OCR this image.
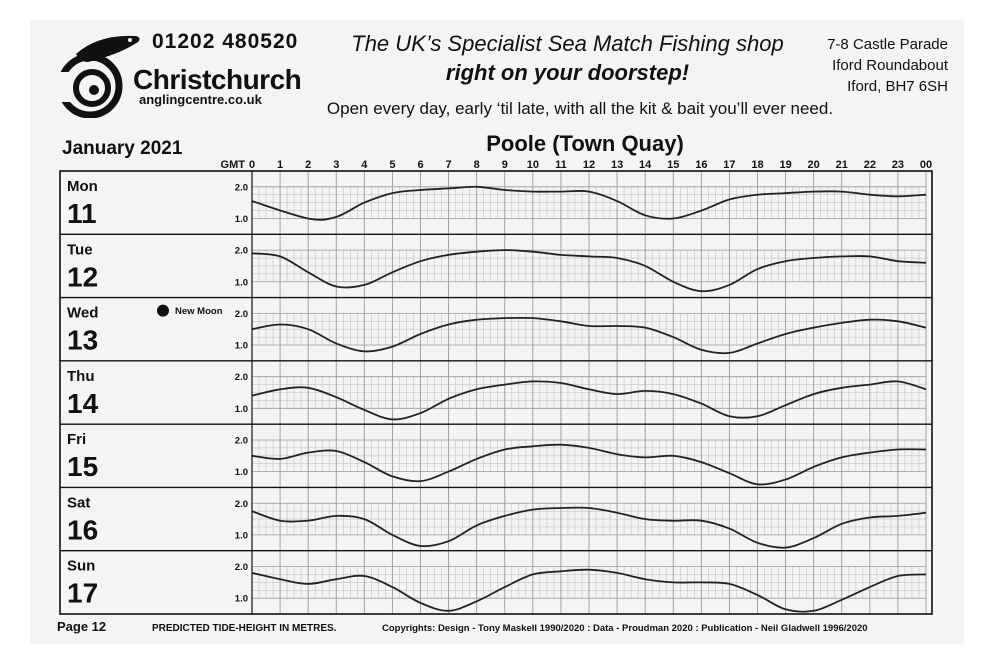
01202 480520
Christchurch
anglingcentre.co.uk
The UK’s Specialist Sea Match Fishing shop
right on your doorstep!
Open every day, early ‘til late, with all the kit & bait you’ll ever need.
7-8 Castle Parade
Iford Roundabout
Iford, BH7 6SH
January 2021	Poole (Town Quay)
GMT 0 1 2 3 4 5 6 7 8 9 10 11 12 13 14 15 16 17 18 19 20 21 22 23 00
2.0
1.0
Mon
11
2.0
1.0
Tue
12
2.0
1.0
Wed
13
New Moon
2.0
1.0
Thu
14
2.0
1.0
Fri
15
2.0
1.0
Sat
16
2.0
1.0
Sun
17
Page 12	PREDICTED TIDE-HEIGHT IN METRES.	Copyrights: Design - Tony Maskell 1990/2020 : Data - Proudman 2020 : Publication - Neil Gladwell 1996/2020
